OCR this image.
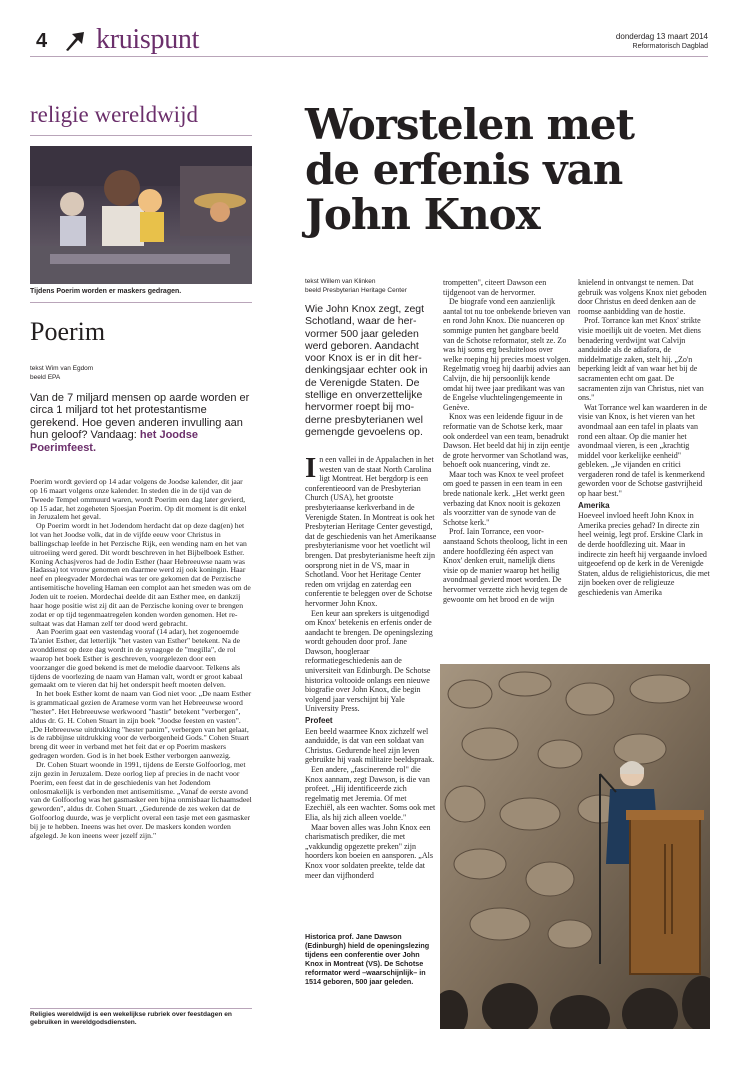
4 kruispunt	donderdag 13 maart 2014
Reformatorisch Dagblad
religie wereldwijd

Tijdens Poerim worden er maskers gedragen.

Poerim

tekst Wim van Egdom

beeld EPA

Van de 7 miljard mensen op aarde worden er circa 1 miljard tot het protestantisme gerekend. Hoe geven anderen invulling aan hun geloof? Vandaag: het Joodse Poerimfeest.

Poerim wordt gevierd op 14 adar volgens de Joodse kalender, dit jaar op 16 maart volgens onze kalender. In steden die in de tijd van de Tweede Tempel ommuurd waren, wordt Poerim een dag later gevierd, op 15 adar, het zogeheten Sjoesjan Poerim. Op dit moment is dit enkel in Jeruzalem het geval.

Op Poerim wordt in het Jodendom herdacht dat op deze dag(en) het lot van het Joodse volk, dat in de vijfde eeuw voor Christus in ballingschap leefde in het Perzische Rijk, een wending nam en het van uitroeiing werd gered. Dit wordt beschreven in het Bijbelboek Esther. Koning Achasjveros had de Jodin Esther (haar Hebreeuwse naam was Hadassa) tot vrouw genomen en daarmee werd zij ook koningin. Haar neef en pleegvader Mordechai was ter ore gekomen dat de Perzische antisemitische hoveling Haman een complot aan het smeden was om de Joden uit te roeien. Mordechai deelde dit aan Esther mee, en dankzij haar hoge positie wist zij dit aan de Perzische koning over te brengen zodat er op tijd tegenmaatregelen konden worden genomen. Het resultaat was dat Haman zelf ter dood werd gebracht.

Aan Poerim gaat een vastendag vooraf (14 adar), het zogenoemde Ta'aniet Esther, dat letterlijk "het vasten van Esther" betekent. Na de avonddienst op deze dag wordt in de synagoge de "megilla", de rol waarop het boek Esther is geschreven, voorgelezen door een voorzanger die goed bekend is met de melodie daarvoor. Telkens als tijdens de voorlezing de naam van Haman valt, wordt er groot kabaal gemaakt om te vieren dat hij het onderspit heeft moeten delven.

In het boek Esther komt de naam van God niet voor. „De naam Esther is grammaticaal gezien de Aramese vorm van het Hebreeuwse woord "hester". Het Hebreeuwse werkwoord "hastir" betekent "verbergen", aldus dr. G. H. Cohen Stuart in zijn boek "Joodse feesten en vasten". „De Hebreeuwse uitdrukking "hester panim", verbergen van het gelaat, is de rabbijnse uitdrukking voor de verborgenheid Gods." Cohen Stuart breng dit weer in verband met het feit dat er op Poerim maskers gedragen worden. God is in het boek Esther verborgen aanwezig.

Dr. Cohen Stuart woonde in 1991, tijdens de Eerste Golfoorlog, met zijn gezin in Jeruzalem. Deze oorlog liep af precies in de nacht voor Poerim, een feest dat in de geschiedenis van het Jodendom onlosmakelijk is verbonden met antisemitisme. „Vanaf de eerste avond van de Golfoorlog was het gasmasker een bijna onmisbaar lichaamsdeel geworden", aldus dr. Cohen Stuart. „Gedurende de zes weken dat de Golfoorlog duurde, was je verplicht overal een tasje met een gasmasker bij je te hebben. Ineens was het over. De maskers konden worden afgelegd. Je kon ineens weer jezelf zijn."

Religies wereldwijd is een wekelijkse rubriek over feestdagen en gebruiken in wereldgodsdiensten.

Worstelen met
de erfenis van
John Knox

tekst Willem van Klinken

beeld Presbyterian Heritage Center

Wie John Knox zegt, zegt Schotland, waar de hervormer 500 jaar geleden werd geboren. Aandacht voor Knox is er in dit herdenkingsjaar echter ook in de Verenigde Staten. De stellige en onverzettelijke hervormer roept bij moderne presbyterianen wel gemengde gevoelens op.

In een vallei in de Appalachen in het westen van de staat North Carolina ligt Montreat. Het bergdorp is een conferentieoord van de Presbyterian Church (USA), het grootste presbyteriaanse kerkverband in de Verenigde Staten. In Montreat is ook het Presbyterian Heritage Center gevestigd, dat de geschiedenis van het Amerikaanse presbyterianisme voor het voetlicht wil brengen. Dat presbyterianisme heeft zijn oorsprong niet in de VS, maar in Schotland. Voor het Heritage Center reden om vrijdag en zaterdag een conferentie te beleggen over de Schotse hervormer John Knox.

Een keur aan sprekers is uitgenodigd om Knox' betekenis en erfenis onder de aandacht te brengen. De openingslezing wordt gehouden door prof. Jane Dawson, hoogleraar reformatiegeschiedenis aan de universiteit van Edinburgh. De Schotse historica voltooide onlangs een nieuwe biografie over John Knox, die begin volgend jaar verschijnt bij Yale University Press.

Profeet

Een beeld waarmee Knox zichzelf wel aanduidde, is dat van een soldaat van Christus. Gedurende heel zijn leven gebruikte hij vaak militaire beeldspraak.

Een andere, „fascinerende rol" die Knox aannam, zegt Dawson, is die van profeet. „Hij identificeerde zich regelmatig met Jeremia. Of met Ezechiël, als een wachter. Soms ook met Elia, als hij zich alleen voelde."

Maar boven alles was John Knox een charismatisch prediker, die met „vakkundig opgezette preken" zijn hoorders kon boeien en aansporen. „Als Knox voor soldaten preekte, telde dat meer dan vijfhonderd

trompetten", citeert Dawson een tijdgenoot van de hervormer.

De biografe vond een aanzienlijk aantal tot nu toe onbekende brieven van en rond John Knox. Die nuanceren op sommige punten het gangbare beeld van de Schotse reformator, stelt ze. Zo was hij soms erg besluiteloos over welke roeping hij precies moest volgen. Regelmatig vroeg hij daarbij advies aan Calvijn, die hij persoonlijk kende omdat hij twee jaar predikant was van de Engelse vluchtelingengemeente in Genève.

Knox was een leidende figuur in de reformatie van de Schotse kerk, maar ook onderdeel van een team, benadrukt Dawson. Het beeld dat hij in zijn eentje de grote hervormer van Schotland was, behoeft ook nuancering, vindt ze.

Maar toch was Knox te veel profeet om goed te passen in een team in een brede nationale kerk. „Het werkt geen verbazing dat Knox nooit is gekozen als voorzitter van de synode van de Schotse kerk."

Prof. Iain Torrance, een vooraanstaand Schots theoloog, licht in een andere hoofdlezing één aspect van Knox' denken eruit, namelijk diens visie op de manier waarop het heilig avondmaal gevierd moet worden. De hervormer verzette zich hevig tegen de gewoonte om het brood en de wijn

knielend in ontvangst te nemen. Dat gebruik was volgens Knox niet geboden door Christus en deed denken aan de roomse aanbidding van de hostie.

Prof. Torrance kan met Knox' strikte visie moeilijk uit de voeten. Met diens benadering verdwijnt wat Calvijn aanduidde als de adiafora, de middelmatige zaken, stelt hij. „Zo'n beperking leidt af van waar het bij de sacramenten echt om gaat. De sacramenten zijn van Christus, niet van ons."

Wat Torrance wel kan waarderen in de visie van Knox, is het vieren van het avondmaal aan een tafel in plaats van rond een altaar. Op die manier het avondmaal vieren, is een „krachtig middel voor kerkelijke eenheid" gebleken. „Je vijanden en critici vergaderen rond de tafel is kenmerkend geworden voor de Schotse gastvrijheid op haar best."

Amerika

Hoeveel invloed heeft John Knox in Amerika precies gehad? In directe zin heel weinig, legt prof. Erskine Clark in de derde hoofdlezing uit. Maar in indirecte zin heeft hij vergaande invloed uitgeoefend op de kerk in de Verenigde Staten, aldus de religiehistoricus, die met zijn boeken over de religieuze geschiedenis van Amerika

Historica prof. Jane Dawson (Edinburgh) hield de openingslezing tijdens een conferentie over John Knox in Montreat (VS). De Schotse reformator werd –waarschijnlijk– in 1514 geboren, 500 jaar geleden.
